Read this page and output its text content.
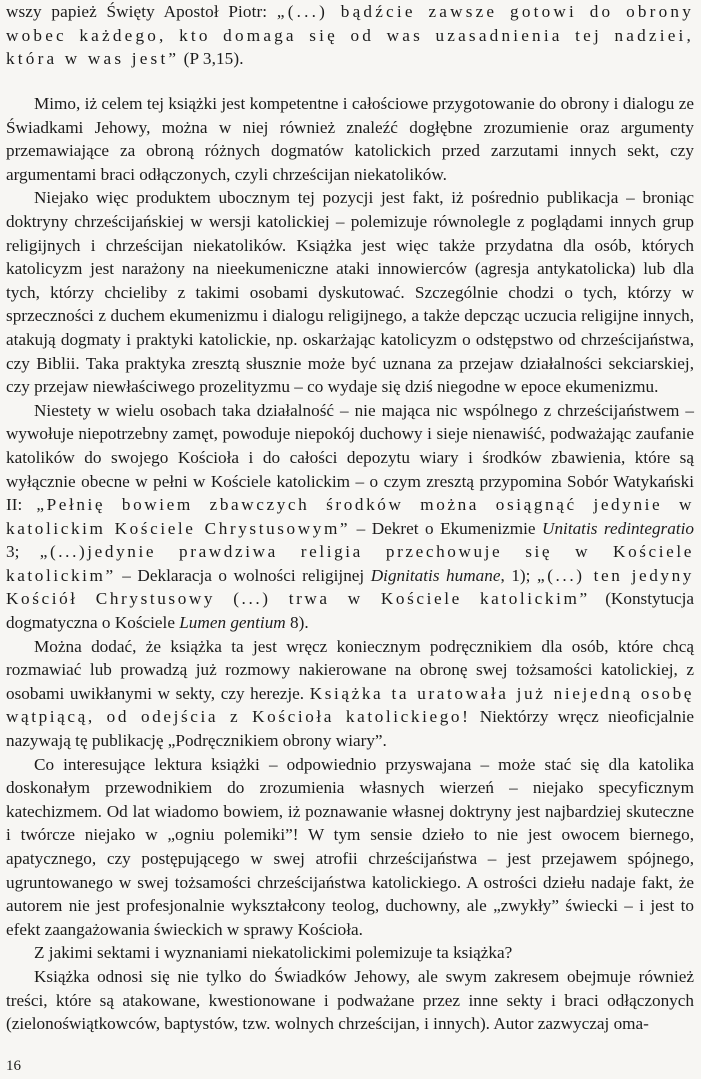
wszy papież Święty Apostoł Piotr: „(...) bądźcie zawsze gotowi do obrony wobec każdego, kto domaga się od was uzasadnienia tej nadziei, która w was jest” (P 3,15).

Mimo, iż celem tej książki jest kompetentne i całościowe przygotowanie do obrony i dialogu ze Świadkami Jehowy, można w niej również znaleźć dogłębne zrozumienie oraz argumenty przemawiające za obroną różnych dogmatów katolickich przed zarzutami innych sekt, czy argumentami braci odłączonych, czyli chrześcijan niekatolików.

Niejako więc produktem ubocznym tej pozycji jest fakt, iż pośrednio publikacja – broniąc doktryny chrześcijańskiej w wersji katolickiej – polemizuje równolegle z poglądami innych grup religijnych i chrześcijan niekatolików. Książka jest więc także przydatna dla osób, których katolicyzm jest narażony na nieekumeniczne ataki innowierców (agresja antykatolicka) lub dla tych, którzy chcieliby z takimi osobami dyskutować. Szczególnie chodzi o tych, którzy w sprzeczności z duchem ekumenizmu i dialogu religijnego, a także depcząc uczucia religijne innych, atakują dogmaty i praktyki katolickie, np. oskarżając katolicyzm o odstępstwo od chrześcijaństwa, czy Biblii. Taka praktyka zresztą słusznie może być uznana za przejaw działalności sekciarskiej, czy przejaw niewłaściwego prozelityzmu – co wydaje się dziś niegodne w epoce ekumenizmu.

Niestety w wielu osobach taka działalność – nie mająca nic wspólnego z chrześcijaństwem – wywołuje niepotrzebny zamęt, powoduje niepokój duchowy i sieje nienawiść, podważając zaufanie katolików do swojego Kościoła i do całości depozytu wiary i środków zbawienia, które są wyłącznie obecne w pełni w Kościele katolickim – o czym zresztą przypomina Sobór Watykański II: „Pełnię bowiem zbawczych środków można osiągnąć jedynie w katolickim Kościele Chrystusowym” – Dekret o Ekumenizmie Unitatis redintegratio 3; „(...)jedynie prawdziwa religia przechowuje się w Kościele katolickim” – Deklaracja o wolności religijnej Dignitatis humane, 1); „(...) ten jedyny Kościół Chrystusowy (...) trwa w Kościele katolickim” (Konstytucja dogmatyczna o Kościele Lumen gentium 8).

Można dodać, że książka ta jest wręcz koniecznym podręcznikiem dla osób, które chcą rozmawiać lub prowadzą już rozmowy nakierowane na obronę swej tożsamości katolickiej, z osobami uwikłanymi w sekty, czy herezje. Książka ta uratowała już niejedną osobę wątpiącą, od odejścia z Kościoła katolickiego! Niektórzy wręcz nieoficjalnie nazywają tę publikację „Podręcznikiem obrony wiary”.

Co interesujące lektura książki – odpowiednio przyswajana – może stać się dla katolika doskonałym przewodnikiem do zrozumienia własnych wierzeń – niejako specyficznym katechizmem. Od lat wiadomo bowiem, iż poznawanie własnej doktryny jest najbardziej skuteczne i twórcze niejako w „ogniu polemiki”! W tym sensie dzieło to nie jest owocem biernego, apatycznego, czy postępującego w swej atrofii chrześcijaństwa – jest przejawem spójnego, ugruntowanego w swej tożsamości chrześcijaństwa katolickiego. A ostrości dziełu nadaje fakt, że autorem nie jest profesjonalnie wykształcony teolog, duchowny, ale „zwykły” świecki – i jest to efekt zaangażowania świeckich w sprawy Kościoła.

Z jakimi sektami i wyznaniami niekatolickimi polemizuje ta książka?

Książka odnosi się nie tylko do Świadków Jehowy, ale swym zakresem obejmuje również treści, które są atakowane, kwestionowane i podważane przez inne sekty i braci odłączonych (zielonoświątkowców, baptystów, tzw. wolnych chrześcijan, i innych). Autor zazwyczaj oma-

16
